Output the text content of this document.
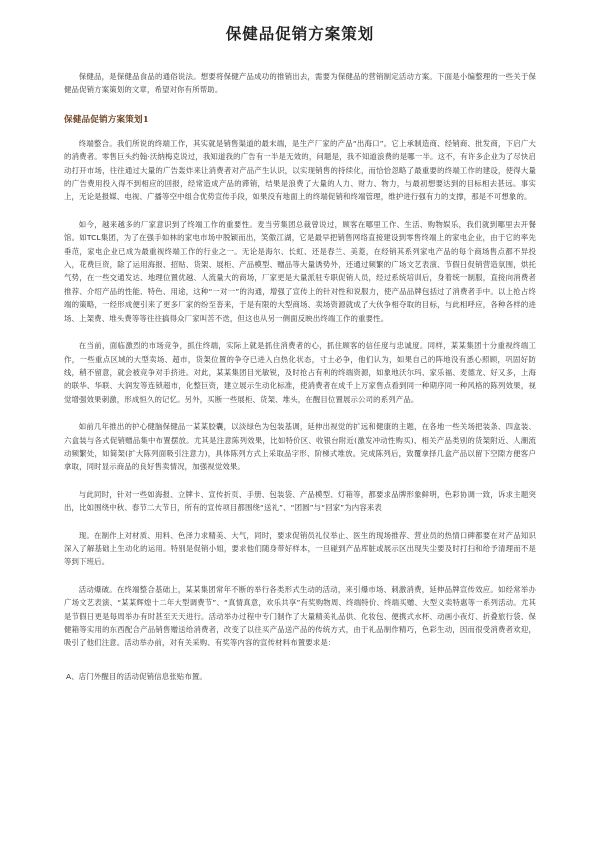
保健品促销方案策划

保健品，是保健品食品的通俗说法。想要将保健产品成功的推销出去，需要为保健品的营销制定活动方案。下面是小编整理的一些关于保健品促销方案策划的文章，希望对你有所帮助。

保健品促销方案策划1

终端整合。我们所说的终端工作，其实就是销售渠道的最末端，是生产厂家的产品“出海口”。它上承制造商、经销商、批发商，下启广大的消费者。零售巨头约翰·沃纳梅克说过，我知道我的广告有一半是无效的，问题是，我不知道浪费的是哪一半。这不，有许多企业为了尽快启动打开市场，往往通过大量的广告轰炸来让消费者对产品产生认识，以实现销售的持续化，而恰恰忽略了最重要的终端工作的建设，使得大量的广告费用投入得不到相应的回报，经常造成产品的滞销，结果是浪费了大量的人力、财力、物力，与最初想要达到的目标相去甚远。事实上，无论是报媒、电视、广播等空中组合优势宣传手段，如果没有地面上的终端促销和终端管理，维护进行强有力的支撑，那是不可想象的。

如今，越来越多的厂家意识到了终端工作的重要性。麦当劳集团总裁曾说过，顾客在哪里工作、生活、购物娱乐，我们就到哪里去开餐馆。如TCL集团，为了在强手如林的家电市场中脱颖而出，笑傲江湖，它是最早把销售网络直接建设到零售终端上的家电企业，由于它的率先垂范，家电企业已成为最重视终端工作的行业之一。无论是海尔、长虹、还是春兰、美菱，在经销其系列家电产品的每个商场售点都不异投入，花费巨资，除了运用海报、招贴、货架、展柜、产品模型、赠品等大量诱势外，还通过频繁的广场文艺表演、节假日促销营造氛围，烘托气势，在一些交通发达、地理位置优越、人流量大的商场，厂家更是大量派驻专职促销人员，经过系统培训后，身着统一制服，直接向消费者推荐、介绍产品的性能、特色、用途，这种“一对一”的沟通，增强了宣传上的针对性和说服力，使产品品牌包括过了消费者手中。以上抢占终端的策略，一经形成便引来了更多厂家的纷至沓来，于是有限的大型商场、卖场资源就成了大伙争相夺取的目标，与此相呼应，各种各样的进场、上架费、堆头费等等往往搞得众厂家叫苦不迭，但这也从另一侧面反映出终端工作的重要性。

在当前，面临激烈的市场竞争，抓住终端，实际上就是抓住消费者的心，抓住顾客的信任度与忠诚度。同样，某某集团十分重视终端工作，一些重点区域的大型卖场、超市，货架位置的争夺已进入白热化状态，寸土必争，他们认为，如果自己的阵地没有悉心照顾，巩固好防线，稍不留意，就会被竞争对手挤进。对此，某某集团目光敏锐，及时抢占有利的终端资源，如象地沃尔玛、家乐福、麦德龙、好又多，上海的联华、华联、大润发等连锁超市，化整巨资，建立展示生动化标准，使消费者在成千上万家售点看到同一种期序同一种风格的陈列效果，视觉增强效果刺激，形成恒久的记忆。另外，买断一些展柜、货架、堆头，在醒目位置展示公司的系列产品。

如前几年推出的护心健脑保健品一某某胶囊，以淡绿色为包装基调，延伸出视觉的扩远和健康的主题，在各地一些关场把装条、四盒装、六盒装与各式促销赠品集中布置摆放。尤其是注意陈列效果，比如特价区、收银台附近(激发冲动性购买)、相关产品类别的货架附近、人潮流动频繁处，如简架(扩大陈列面吸引注意力)，具体陈列方式上采取品字形、阶梯式堆放。完成陈列后，致覆拿择几盒产品以留下空隙方便客户拿取，同时显示商品的良好售卖情况，加强视觉效果。

与此同时，针对一些如海报、立牌卡、宣传折页、手册、包装袋、产品模型、灯箱等，都要求品牌形象鲜明，色彩协调一致，诉求主题突出，比如围绕中秋、春节二大节日，所有的宣传项目都围绕“送礼”、“团圆”与“回家”为内容来表

现。在制作上对材质、用料、色泽力求精美、大气，同时，要求促销员礼仪举止、医生的现场推荐、营业员的热情口碑都要在对产品知识深入了解基础上生动化的运用。特别是促销小姐，要求他们随身带好样本，一旦碰到产品库脏或展示区出现失尘要及时打扫和给予清理而不是等到下班后。

活动爆破。在终端整合基础上，某某集团常年不断的举行各类形式生动的活动，来引爆市场、刺激消费，延伸品牌宣传效应。如经常举办广场文艺表演、“某某辉煌十二年大型调费节”、“真情真意，欢乐共享”有奖购物周、终端特价、终端买赠、大型义卖特惠等一系列活动。尤其是节假日更是每周举办有时甚至天天进行。活动举办过程中专门制作了大量精美礼品供、化妆包、便携式水杯、动画小夜灯、折叠旅行袋、保健箱等实用的东西配合产品销售赠送给消费者，改变了以往买产品送产品的传统方式，由于礼品制作精巧，色彩生动，因而很受消费者欢迎，吸引了他们注意。活动举办前，对有关采购、有奖等内容的宣传材料布置要求是：

A、店门外醒目的活动促销信息张贴布置。
